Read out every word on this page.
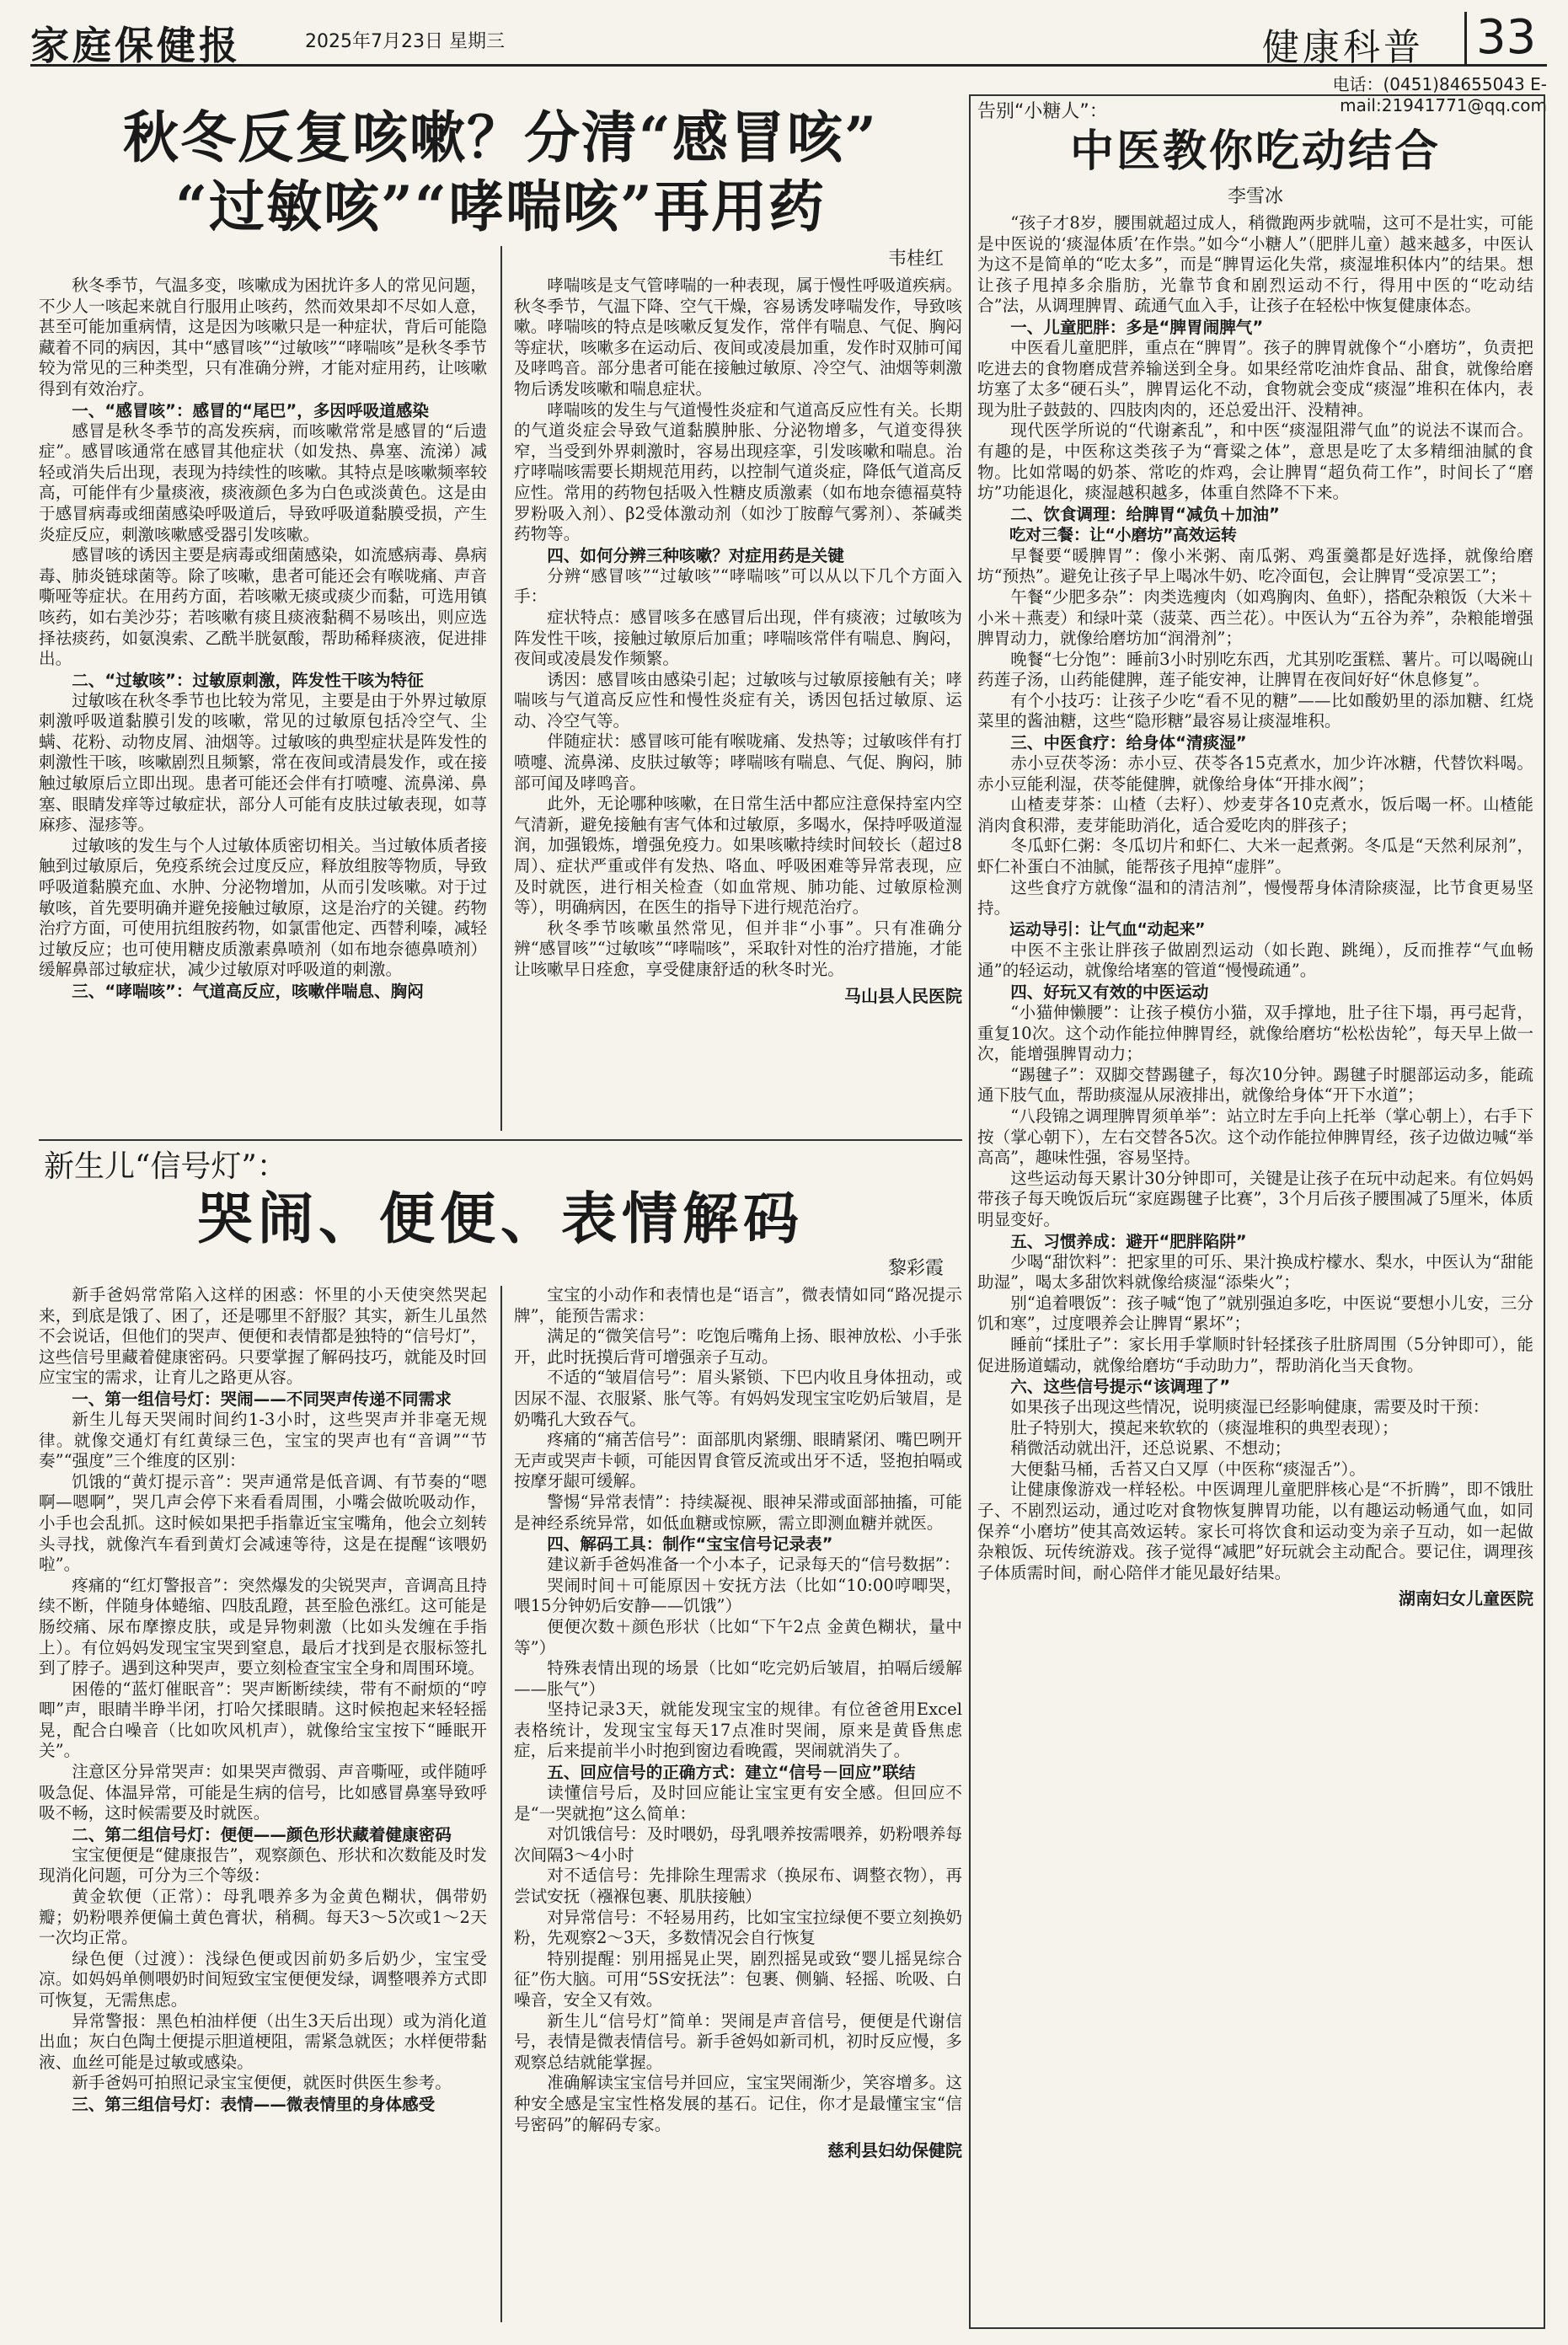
家庭保健报	2025年7月23日 星期三	健康科普 33
电话：(0451)84655043 E-mail:21941771@qq.com
秋冬反复咳嗽？分清“感冒咳”
“过敏咳”“哮喘咳”再用药
韦桂红

秋冬季节，气温多变，咳嗽成为困扰许多人的常见问题，不少人一咳起来就自行服用止咳药，然而效果却不尽如人意，甚至可能加重病情，这是因为咳嗽只是一种症状，背后可能隐藏着不同的病因，其中“感冒咳”“过敏咳”“哮喘咳”是秋冬季节较为常见的三种类型，只有准确分辨，才能对症用药，让咳嗽得到有效治疗。

一、“感冒咳”：感冒的“尾巴”，多因呼吸道感染

感冒是秋冬季节的高发疾病，而咳嗽常常是感冒的“后遗症”。感冒咳通常在感冒其他症状（如发热、鼻塞、流涕）减轻或消失后出现，表现为持续性的咳嗽。其特点是咳嗽频率较高，可能伴有少量痰液，痰液颜色多为白色或淡黄色。这是由于感冒病毒或细菌感染呼吸道后，导致呼吸道黏膜受损，产生炎症反应，刺激咳嗽感受器引发咳嗽。

感冒咳的诱因主要是病毒或细菌感染，如流感病毒、鼻病毒、肺炎链球菌等。除了咳嗽，患者可能还会有喉咙痛、声音嘶哑等症状。在用药方面，若咳嗽无痰或痰少而黏，可选用镇咳药，如右美沙芬；若咳嗽有痰且痰液黏稠不易咳出，则应选择祛痰药，如氨溴索、乙酰半胱氨酸，帮助稀释痰液，促进排出。

二、“过敏咳”：过敏原刺激，阵发性干咳为特征

过敏咳在秋冬季节也比较为常见，主要是由于外界过敏原刺激呼吸道黏膜引发的咳嗽，常见的过敏原包括冷空气、尘螨、花粉、动物皮屑、油烟等。过敏咳的典型症状是阵发性的刺激性干咳，咳嗽剧烈且频繁，常在夜间或清晨发作，或在接触过敏原后立即出现。患者可能还会伴有打喷嚏、流鼻涕、鼻塞、眼睛发痒等过敏症状，部分人可能有皮肤过敏表现，如荨麻疹、湿疹等。

过敏咳的发生与个人过敏体质密切相关。当过敏体质者接触到过敏原后，免疫系统会过度反应，释放组胺等物质，导致呼吸道黏膜充血、水肿、分泌物增加，从而引发咳嗽。对于过敏咳，首先要明确并避免接触过敏原，这是治疗的关键。药物治疗方面，可使用抗组胺药物，如氯雷他定、西替利嗪，减轻过敏反应；也可使用糖皮质激素鼻喷剂（如布地奈德鼻喷剂）缓解鼻部过敏症状，减少过敏原对呼吸道的刺激。

三、“哮喘咳”：气道高反应，咳嗽伴喘息、胸闷

哮喘咳是支气管哮喘的一种表现，属于慢性呼吸道疾病。秋冬季节，气温下降、空气干燥，容易诱发哮喘发作，导致咳嗽。哮喘咳的特点是咳嗽反复发作，常伴有喘息、气促、胸闷等症状，咳嗽多在运动后、夜间或凌晨加重，发作时双肺可闻及哮鸣音。部分患者可能在接触过敏原、冷空气、油烟等刺激物后诱发咳嗽和喘息症状。

哮喘咳的发生与气道慢性炎症和气道高反应性有关。长期的气道炎症会导致气道黏膜肿胀、分泌物增多，气道变得狭窄，当受到外界刺激时，容易出现痉挛，引发咳嗽和喘息。治疗哮喘咳需要长期规范用药，以控制气道炎症，降低气道高反应性。常用的药物包括吸入性糖皮质激素（如布地奈德福莫特罗粉吸入剂）、β2受体激动剂（如沙丁胺醇气雾剂）、茶碱类药物等。

四、如何分辨三种咳嗽？对症用药是关键

分辨“感冒咳”“过敏咳”“哮喘咳”可以从以下几个方面入手：

症状特点：感冒咳多在感冒后出现，伴有痰液；过敏咳为阵发性干咳，接触过敏原后加重；哮喘咳常伴有喘息、胸闷，夜间或凌晨发作频繁。

诱因：感冒咳由感染引起；过敏咳与过敏原接触有关；哮喘咳与气道高反应性和慢性炎症有关，诱因包括过敏原、运动、冷空气等。

伴随症状：感冒咳可能有喉咙痛、发热等；过敏咳伴有打喷嚏、流鼻涕、皮肤过敏等；哮喘咳有喘息、气促、胸闷，肺部可闻及哮鸣音。

此外，无论哪种咳嗽，在日常生活中都应注意保持室内空气清新，避免接触有害气体和过敏原，多喝水，保持呼吸道湿润，加强锻炼，增强免疫力。如果咳嗽持续时间较长（超过8周）、症状严重或伴有发热、咯血、呼吸困难等异常表现，应及时就医，进行相关检查（如血常规、肺功能、过敏原检测等），明确病因，在医生的指导下进行规范治疗。

秋冬季节咳嗽虽然常见，但并非“小事”。只有准确分辨“感冒咳”“过敏咳”“哮喘咳”，采取针对性的治疗措施，才能让咳嗽早日痊愈，享受健康舒适的秋冬时光。

马山县人民医院
新生儿“信号灯”：
哭闹、便便、表情解码
黎彩霞

新手爸妈常常陷入这样的困惑：怀里的小天使突然哭起来，到底是饿了、困了，还是哪里不舒服？其实，新生儿虽然不会说话，但他们的哭声、便便和表情都是独特的“信号灯”，这些信号里藏着健康密码。只要掌握了解码技巧，就能及时回应宝宝的需求，让育儿之路更从容。

一、第一组信号灯：哭闹——不同哭声传递不同需求

新生儿每天哭闹时间约1-3小时，这些哭声并非毫无规律。就像交通灯有红黄绿三色，宝宝的哭声也有“音调”“节奏”“强度”三个维度的区别：

饥饿的“黄灯提示音”：哭声通常是低音调、有节奏的“嗯啊—嗯啊”，哭几声会停下来看看周围，小嘴会做吮吸动作，小手也会乱抓。这时候如果把手指靠近宝宝嘴角，他会立刻转头寻找，就像汽车看到黄灯会减速等待，这是在提醒“该喂奶啦”。

疼痛的“红灯警报音”：突然爆发的尖锐哭声，音调高且持续不断，伴随身体蜷缩、四肢乱蹬，甚至脸色涨红。这可能是肠绞痛、尿布摩擦皮肤，或是异物刺激（比如头发缠在手指上）。有位妈妈发现宝宝哭到窒息，最后才找到是衣服标签扎到了脖子。遇到这种哭声，要立刻检查宝宝全身和周围环境。

困倦的“蓝灯催眠音”：哭声断断续续，带有不耐烦的“哼唧”声，眼睛半睁半闭，打哈欠揉眼睛。这时候抱起来轻轻摇晃，配合白噪音（比如吹风机声），就像给宝宝按下“睡眠开关”。

注意区分异常哭声：如果哭声微弱、声音嘶哑，或伴随呼吸急促、体温异常，可能是生病的信号，比如感冒鼻塞导致呼吸不畅，这时候需要及时就医。

二、第二组信号灯：便便——颜色形状藏着健康密码

宝宝便便是“健康报告”，观察颜色、形状和次数能及时发现消化问题，可分为三个等级：

黄金软便（正常）：母乳喂养多为金黄色糊状，偶带奶瓣；奶粉喂养便偏土黄色膏状，稍稠。每天3～5次或1～2天一次均正常。

绿色便（过渡）：浅绿色便或因前奶多后奶少，宝宝受凉。如妈妈单侧喂奶时间短致宝宝便便发绿，调整喂养方式即可恢复，无需焦虑。

异常警报：黑色柏油样便（出生3天后出现）或为消化道出血；灰白色陶土便提示胆道梗阻，需紧急就医；水样便带黏液、血丝可能是过敏或感染。

新手爸妈可拍照记录宝宝便便，就医时供医生参考。

三、第三组信号灯：表情——微表情里的身体感受

宝宝的小动作和表情也是“语言”，微表情如同“路况提示牌”，能预告需求：

满足的“微笑信号”：吃饱后嘴角上扬、眼神放松、小手张开，此时抚摸后背可增强亲子互动。

不适的“皱眉信号”：眉头紧锁、下巴内收且身体扭动，或因尿不湿、衣服紧、胀气等。有妈妈发现宝宝吃奶后皱眉，是奶嘴孔大致吞气。

疼痛的“痛苦信号”：面部肌肉紧绷、眼睛紧闭、嘴巴咧开无声或哭声卡顿，可能因胃食管反流或出牙不适，竖抱拍嗝或按摩牙龈可缓解。

警惕“异常表情”：持续凝视、眼神呆滞或面部抽搐，可能是神经系统异常，如低血糖或惊厥，需立即测血糖并就医。

四、解码工具：制作“宝宝信号记录表”

建议新手爸妈准备一个小本子，记录每天的“信号数据”：

哭闹时间＋可能原因＋安抚方法（比如“10:00哼唧哭，喂15分钟奶后安静——饥饿”）

便便次数＋颜色形状（比如“下午2点 金黄色糊状，量中等”）

特殊表情出现的场景（比如“吃完奶后皱眉，拍嗝后缓解——胀气”）

坚持记录3天，就能发现宝宝的规律。有位爸爸用Excel表格统计，发现宝宝每天17点准时哭闹，原来是黄昏焦虑症，后来提前半小时抱到窗边看晚霞，哭闹就消失了。

五、回应信号的正确方式：建立“信号－回应”联结

读懂信号后，及时回应能让宝宝更有安全感。但回应不是“一哭就抱”这么简单：

对饥饿信号：及时喂奶，母乳喂养按需喂养，奶粉喂养每次间隔3～4小时

对不适信号：先排除生理需求（换尿布、调整衣物），再尝试安抚（襁褓包裹、肌肤接触）

对异常信号：不轻易用药，比如宝宝拉绿便不要立刻换奶粉，先观察2～3天，多数情况会自行恢复

特别提醒：别用摇晃止哭，剧烈摇晃或致“婴儿摇晃综合征”伤大脑。可用“5S安抚法”：包裹、侧躺、轻摇、吮吸、白噪音，安全又有效。

新生儿“信号灯”简单：哭闹是声音信号，便便是代谢信号，表情是微表情信号。新手爸妈如新司机，初时反应慢，多观察总结就能掌握。

准确解读宝宝信号并回应，宝宝哭闹渐少，笑容增多。这种安全感是宝宝性格发展的基石。记住，你才是最懂宝宝“信号密码”的解码专家。

慈利县妇幼保健院
告别“小糖人”：
中医教你吃动结合
李雪冰

“孩子才8岁，腰围就超过成人，稍微跑两步就喘，这可不是壮实，可能是中医说的‘痰湿体质’在作祟。”如今“小糖人”（肥胖儿童）越来越多，中医认为这不是简单的“吃太多”，而是“脾胃运化失常，痰湿堆积体内”的结果。想让孩子甩掉多余脂肪，光靠节食和剧烈运动不行，得用中医的“吃动结合”法，从调理脾胃、疏通气血入手，让孩子在轻松中恢复健康体态。

一、儿童肥胖：多是“脾胃闹脾气”

中医看儿童肥胖，重点在“脾胃”。孩子的脾胃就像个“小磨坊”，负责把吃进去的食物磨成营养输送到全身。如果经常吃油炸食品、甜食，就像给磨坊塞了太多“硬石头”，脾胃运化不动，食物就会变成“痰湿”堆积在体内，表现为肚子鼓鼓的、四肢肉肉的，还总爱出汗、没精神。

现代医学所说的“代谢紊乱”，和中医“痰湿阻滞气血”的说法不谋而合。有趣的是，中医称这类孩子为“膏粱之体”，意思是吃了太多精细油腻的食物。比如常喝的奶茶、常吃的炸鸡，会让脾胃“超负荷工作”，时间长了“磨坊”功能退化，痰湿越积越多，体重自然降不下来。

二、饮食调理：给脾胃“减负＋加油”
吃对三餐：让“小磨坊”高效运转

早餐要“暖脾胃”：像小米粥、南瓜粥、鸡蛋羹都是好选择，就像给磨坊“预热”。避免让孩子早上喝冰牛奶、吃冷面包，会让脾胃“受凉罢工”；

午餐“少肥多杂”：肉类选瘦肉（如鸡胸肉、鱼虾），搭配杂粮饭（大米＋小米＋燕麦）和绿叶菜（菠菜、西兰花）。中医认为“五谷为养”，杂粮能增强脾胃动力，就像给磨坊加“润滑剂”；

晚餐“七分饱”：睡前3小时别吃东西，尤其别吃蛋糕、薯片。可以喝碗山药莲子汤，山药能健脾，莲子能安神，让脾胃在夜间好好“休息修复”。

有个小技巧：让孩子少吃“看不见的糖”——比如酸奶里的添加糖、红烧菜里的酱油糖，这些“隐形糖”最容易让痰湿堆积。

三、中医食疗：给身体“清痰湿”

赤小豆茯苓汤：赤小豆、茯苓各15克煮水，加少许冰糖，代替饮料喝。赤小豆能利湿，茯苓能健脾，就像给身体“开排水阀”；

山楂麦芽茶：山楂（去籽）、炒麦芽各10克煮水，饭后喝一杯。山楂能消肉食积滞，麦芽能助消化，适合爱吃肉的胖孩子；

冬瓜虾仁粥：冬瓜切片和虾仁、大米一起煮粥。冬瓜是“天然利尿剂”，虾仁补蛋白不油腻，能帮孩子甩掉“虚胖”。

这些食疗方就像“温和的清洁剂”，慢慢帮身体清除痰湿，比节食更易坚持。

运动导引：让气血“动起来”

中医不主张让胖孩子做剧烈运动（如长跑、跳绳），反而推荐“气血畅通”的轻运动，就像给堵塞的管道“慢慢疏通”。

四、好玩又有效的中医运动

“小猫伸懒腰”：让孩子模仿小猫，双手撑地，肚子往下塌，再弓起背，重复10次。这个动作能拉伸脾胃经，就像给磨坊“松松齿轮”，每天早上做一次，能增强脾胃动力；

“踢毽子”：双脚交替踢毽子，每次10分钟。踢毽子时腿部运动多，能疏通下肢气血，帮助痰湿从尿液排出，就像给身体“开下水道”；

“八段锦之调理脾胃须单举”：站立时左手向上托举（掌心朝上），右手下按（掌心朝下），左右交替各5次。这个动作能拉伸脾胃经，孩子边做边喊“举高高”，趣味性强，容易坚持。

这些运动每天累计30分钟即可，关键是让孩子在玩中动起来。有位妈妈带孩子每天晚饭后玩“家庭踢毽子比赛”，3个月后孩子腰围减了5厘米，体质明显变好。

五、习惯养成：避开“肥胖陷阱”

少喝“甜饮料”：把家里的可乐、果汁换成柠檬水、梨水，中医认为“甜能助湿”，喝太多甜饮料就像给痰湿“添柴火”；

别“追着喂饭”：孩子喊“饱了”就别强迫多吃，中医说“要想小儿安，三分饥和寒”，过度喂养会让脾胃“累坏”；

睡前“揉肚子”：家长用手掌顺时针轻揉孩子肚脐周围（5分钟即可），能促进肠道蠕动，就像给磨坊“手动助力”，帮助消化当天食物。

六、这些信号提示“该调理了”

如果孩子出现这些情况，说明痰湿已经影响健康，需要及时干预：

肚子特别大，摸起来软软的（痰湿堆积的典型表现）；

稍微活动就出汗，还总说累、不想动；

大便黏马桶，舌苔又白又厚（中医称“痰湿舌”）。

让健康像游戏一样轻松。中医调理儿童肥胖核心是“不折腾”，即不饿肚子、不剧烈运动，通过吃对食物恢复脾胃功能，以有趣运动畅通气血，如同保养“小磨坊”使其高效运转。家长可将饮食和运动变为亲子互动，如一起做杂粮饭、玩传统游戏。孩子觉得“减肥”好玩就会主动配合。要记住，调理孩子体质需时间，耐心陪伴才能见最好结果。

湖南妇女儿童医院
